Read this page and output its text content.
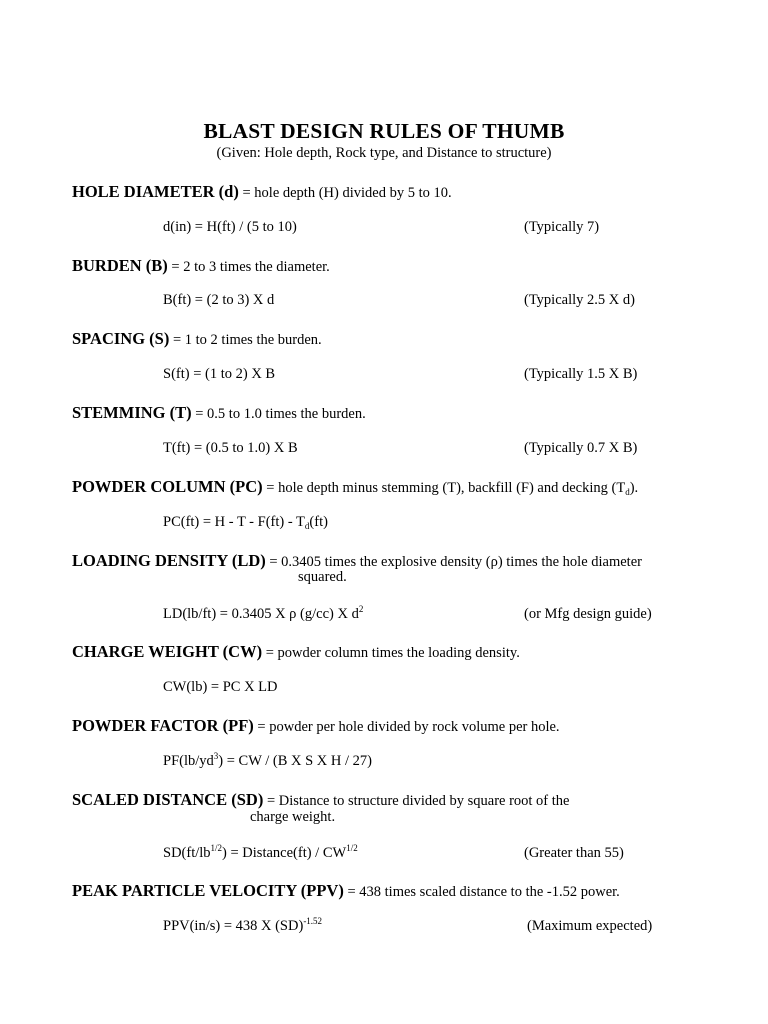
BLAST DESIGN RULES OF THUMB
(Given: Hole depth, Rock type, and Distance to structure)
HOLE DIAMETER (d) = hole depth (H) divided by 5 to 10.
d(in) = H(ft) / (5 to 10)	(Typically 7)
BURDEN (B) = 2 to 3 times the diameter.
B(ft) = (2 to 3) X d	(Typically 2.5 X d)
SPACING (S) = 1 to 2 times the burden.
S(ft) = (1 to 2) X B	(Typically 1.5 X B)
STEMMING (T) = 0.5 to 1.0 times the burden.
T(ft) = (0.5 to 1.0) X B	(Typically 0.7 X B)
POWDER COLUMN (PC) = hole depth minus stemming (T), backfill (F) and decking $(T_d)$.
$PC(ft) = H - T - F(ft) - T_d(ft)$
LOADING DENSITY (LD) = 0.3405 times the explosive density (ρ) times the hole diameter
squared.
LD(lb/ft) = 0.3405 X ρ (g/cc) X $d^2$	(or Mfg design guide)
CHARGE WEIGHT (CW) = powder column times the loading density.
CW(lb) = PC X LD
POWDER FACTOR (PF) = powder per hole divided by rock volume per hole.
$PF(lb/yd^3)$ = CW / (B X S X H / 27)
SCALED DISTANCE (SD) = Distance to structure divided by square root of the
charge weight.
$SD(ft/lb^{1/2})$ = Distance(ft) / $CW^{1/2}$	(Greater than 55)
PEAK PARTICLE VELOCITY (PPV) = 438 times scaled distance to the -1.52 power.
PPV(in/s) = 438 X (SD)$^{-1.52}$	(Maximum expected)
